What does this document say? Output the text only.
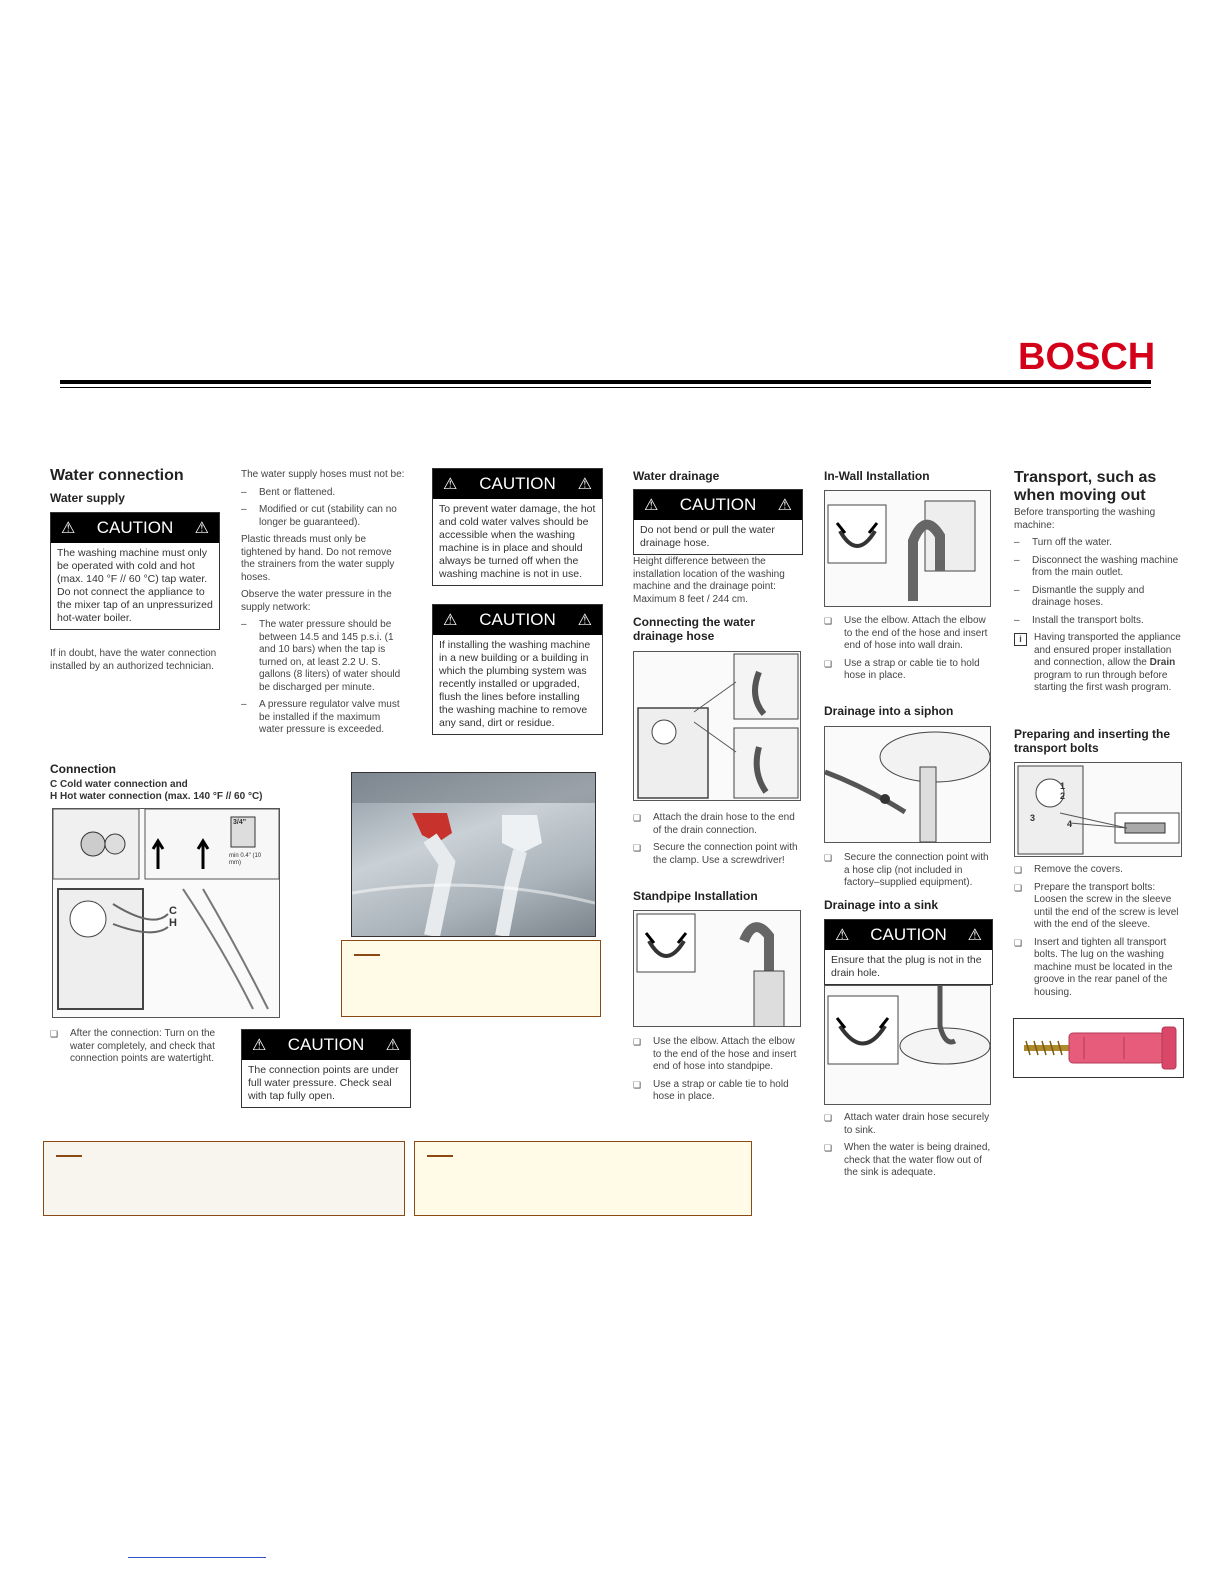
BOSCH
Water connection
Water supply
⚠ CAUTION ⚠
The washing machine must only be operated with cold and hot (max. 140 °F // 60 °C) tap water. Do not connect the appliance to the mixer tap of an unpressurized hot-water boiler.
If in doubt, have the water connection installed by an authorized technician.
Connection
C Cold water connection and
H Hot water connection (max. 140 °F // 60 °C)
C
H
3/4"
min 0.4" (10 mm)
❏ After the connection: Turn on the water completely, and check that connection points are watertight.
⚠ CAUTION ⚠
The connection points are under full water pressure. Check seal with tap fully open.

The water supply hoses must not be:

– Bent or flattened.
– Modified or cut (stability can no longer be guaranteed).

Plastic threads must only be tightened by hand. Do not remove the strainers from the water supply hoses.

Observe the water pressure in the supply network:

– The water pressure should be between 14.5 and 145 p.s.i. (1 and 10 bars) when the tap is turned on, at least 2.2 U. S. gallons (8 liters) of water should be discharged per minute.
– A pressure regulator valve must be installed if the maximum water pressure is exceeded.
⚠ CAUTION ⚠
To prevent water damage, the hot and cold water valves should be accessible when the washing machine is in place and should always be turned off when the washing machine is not in use.
⚠ CAUTION ⚠
If installing the washing machine in a new building or a building in which the plumbing system was recently installed or upgraded, flush the lines before installing the washing machine to remove any sand, dirt or residue.
Water drainage
⚠ CAUTION ⚠
Do not bend or pull the water drainage hose.
Height difference between the installation location of the washing machine and the drainage point: Maximum 8 feet / 244 cm.
Connecting the water drainage hose
❏ Attach the drain hose to the end of the drain connection.
❏ Secure the connection point with the clamp. Use a screwdriver!
Standpipe Installation
❏ Use the elbow. Attach the elbow to the end of the hose and insert end of hose into standpipe.
❏ Use a strap or cable tie to hold hose in place.
In-Wall Installation
❏ Use the elbow. Attach the elbow to the end of the hose and insert end of hose into wall drain.
❏ Use a strap or cable tie to hold hose in place.
Drainage into a siphon
❏ Secure the connection point with a hose clip (not included in factory–supplied equipment).
Drainage into a sink
⚠ CAUTION ⚠
Ensure that the plug is not in the drain hole.
❏ Attach water drain hose securely to sink.
❏ When the water is being drained, check that the water flow out of the sink is adequate.
Transport, such as when moving out

Before transporting the washing machine:

– Turn off the water.
– Disconnect the washing machine from the main outlet.
– Dismantle the supply and drainage hoses.
– Install the transport bolts.
i	Having transported the appliance and ensured proper installation and connection, allow the Drain program to run through before starting the first wash program.
Preparing and inserting the transport bolts
1
2
3
4
❏ Remove the covers.
❏ Prepare the transport bolts: Loosen the screw in the sleeve until the end of the screw is level with the end of the sleeve.
❏ Insert and tighten all transport bolts. The lug on the washing machine must be located in the groove in the rear panel of the housing.
